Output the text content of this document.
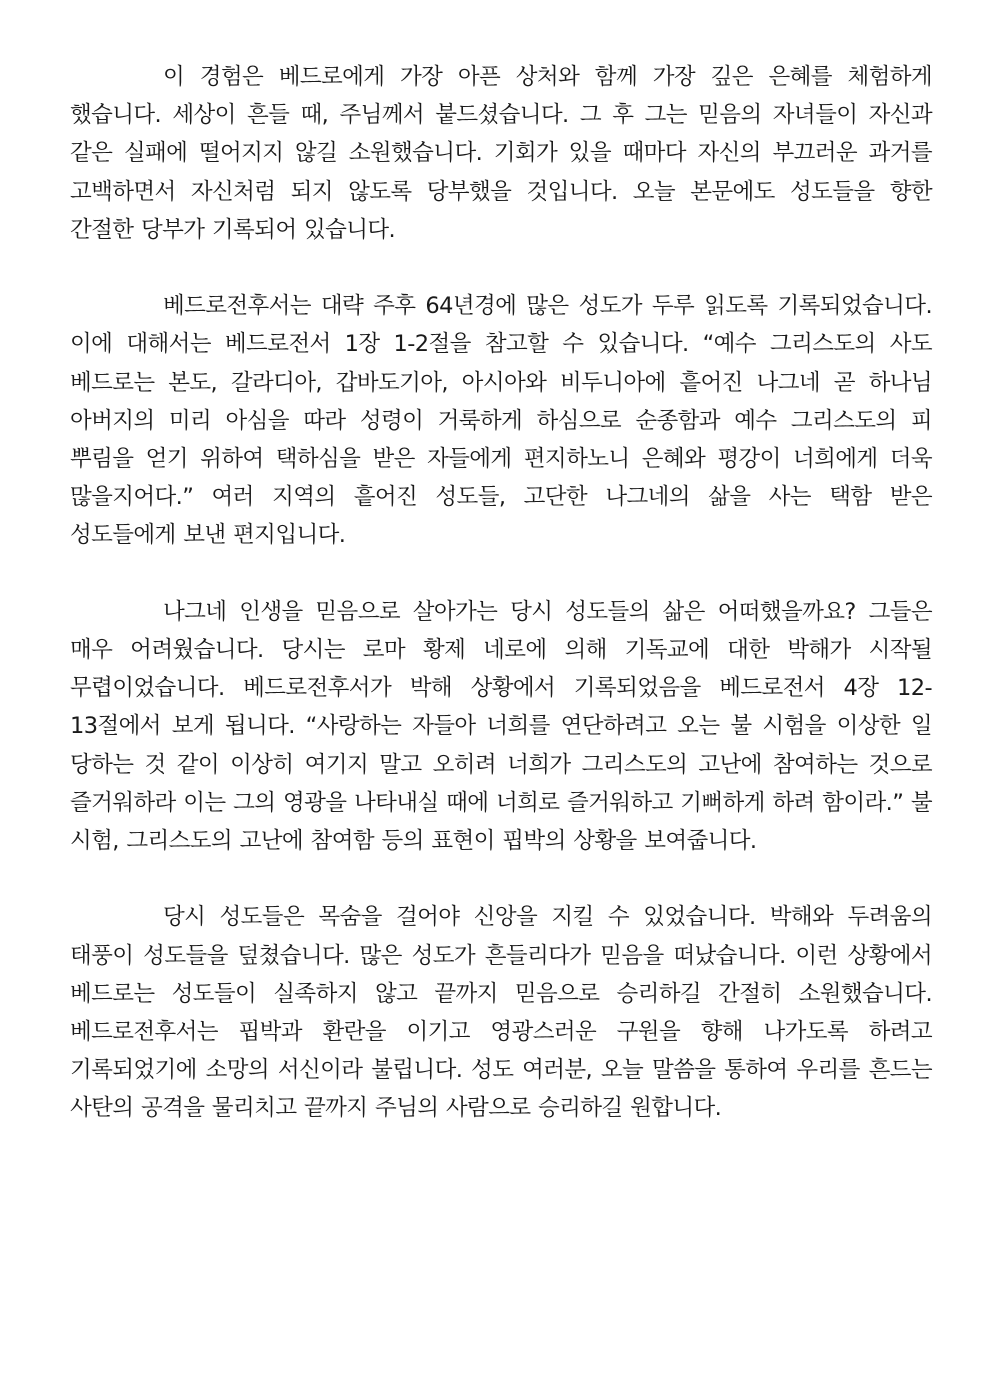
이 경험은 베드로에게 가장 아픈 상처와 함께 가장 깊은 은혜를 체험하게 했습니다. 세상이 흔들 때, 주님께서 붙드셨습니다. 그 후 그는 믿음의 자녀들이 자신과 같은 실패에 떨어지지 않길 소원했습니다. 기회가 있을 때마다 자신의 부끄러운 과거를 고백하면서 자신처럼 되지 않도록 당부했을 것입니다. 오늘 본문에도 성도들을 향한 간절한 당부가 기록되어 있습니다.

베드로전후서는 대략 주후 64년경에 많은 성도가 두루 읽도록 기록되었습니다. 이에 대해서는 베드로전서 1장 1-2절을 참고할 수 있습니다. “예수 그리스도의 사도 베드로는 본도, 갈라디아, 갑바도기아, 아시아와 비두니아에 흩어진 나그네 곧 하나님 아버지의 미리 아심을 따라 성령이 거룩하게 하심으로 순종함과 예수 그리스도의 피 뿌림을 얻기 위하여 택하심을 받은 자들에게 편지하노니 은혜와 평강이 너희에게 더욱 많을지어다.” 여러 지역의 흩어진 성도들, 고단한 나그네의 삶을 사는 택함 받은 성도들에게 보낸 편지입니다.

나그네 인생을 믿음으로 살아가는 당시 성도들의 삶은 어떠했을까요? 그들은 매우 어려웠습니다. 당시는 로마 황제 네로에 의해 기독교에 대한 박해가 시작될 무렵이었습니다. 베드로전후서가 박해 상황에서 기록되었음을 베드로전서 4장 12-13절에서 보게 됩니다. “사랑하는 자들아 너희를 연단하려고 오는 불 시험을 이상한 일 당하는 것 같이 이상히 여기지 말고 오히려 너희가 그리스도의 고난에 참여하는 것으로 즐거워하라 이는 그의 영광을 나타내실 때에 너희로 즐거워하고 기뻐하게 하려 함이라.” 불 시험, 그리스도의 고난에 참여함 등의 표현이 핍박의 상황을 보여줍니다.

당시 성도들은 목숨을 걸어야 신앙을 지킬 수 있었습니다. 박해와 두려움의 태풍이 성도들을 덮쳤습니다. 많은 성도가 흔들리다가 믿음을 떠났습니다. 이런 상황에서 베드로는 성도들이 실족하지 않고 끝까지 믿음으로 승리하길 간절히 소원했습니다. 베드로전후서는 핍박과 환란을 이기고 영광스러운 구원을 향해 나가도록 하려고 기록되었기에 소망의 서신이라 불립니다. 성도 여러분, 오늘 말씀을 통하여 우리를 흔드는 사탄의 공격을 물리치고 끝까지 주님의 사람으로 승리하길 원합니다.
